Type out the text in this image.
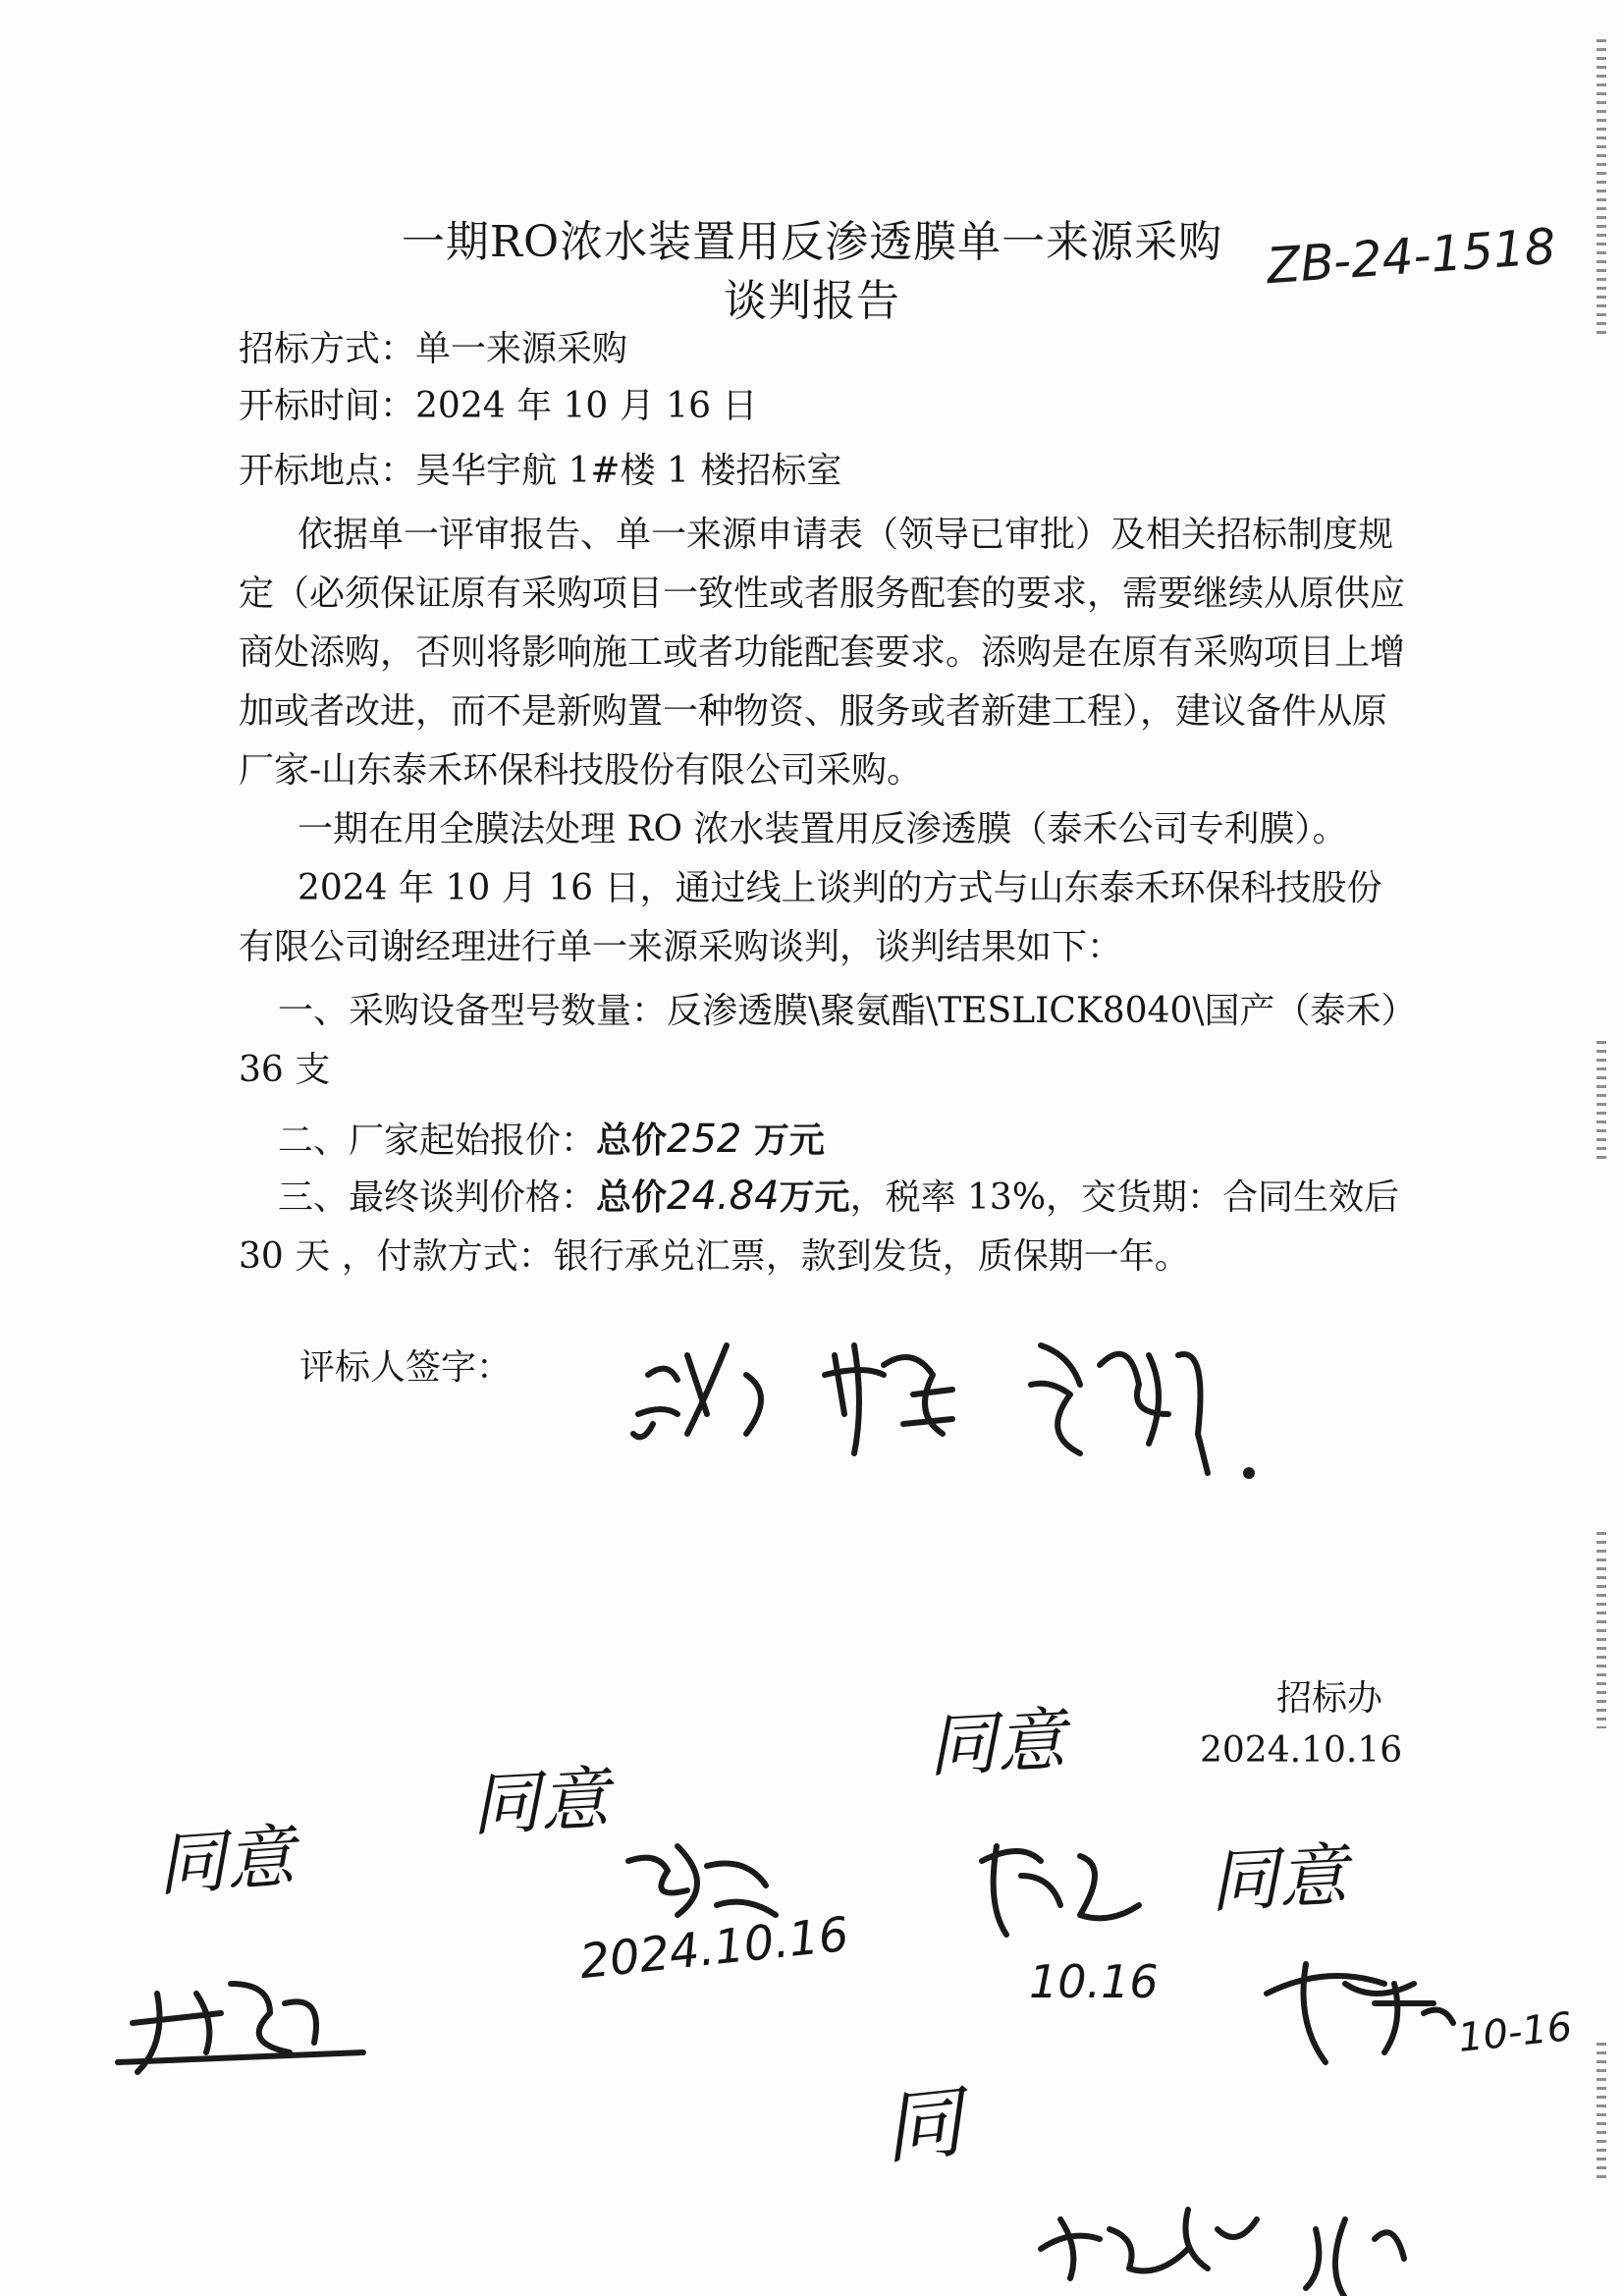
一期RO浓水装置用反渗透膜单一来源采购
谈判报告
ZB-24-1518
招标方式：单一来源采购
开标时间：2024 年 10 月 16 日
开标地点：昊华宇航 1#楼 1 楼招标室
依据单一评审报告、单一来源申请表（领导已审批）及相关招标制度规定（必须保证原有采购项目一致性或者服务配套的要求，需要继续从原供应商处添购，否则将影响施工或者功能配套要求。添购是在原有采购项目上增加或者改进，而不是新购置一种物资、服务或者新建工程），建议备件从原厂家-山东泰禾环保科技股份有限公司采购。
一期在用全膜法处理 RO 浓水装置用反渗透膜（泰禾公司专利膜）。
2024 年 10 月 16 日，通过线上谈判的方式与山东泰禾环保科技股份有限公司谢经理进行单一来源采购谈判，谈判结果如下：
一、采购设备型号数量：反渗透膜\聚氨酯\TESLICK8040\国产（泰禾） 36 支
二、厂家起始报价：总价252 万元
三、最终谈判价格：总价24.84万元，税率 13%，交货期：合同生效后 30 天 ，付款方式：银行承兑汇票，款到发货，质保期一年。
评标人签字：
招标办
2024.10.16
同意
同意
同意
同意
2024.10.16	10.16
10-16
同
